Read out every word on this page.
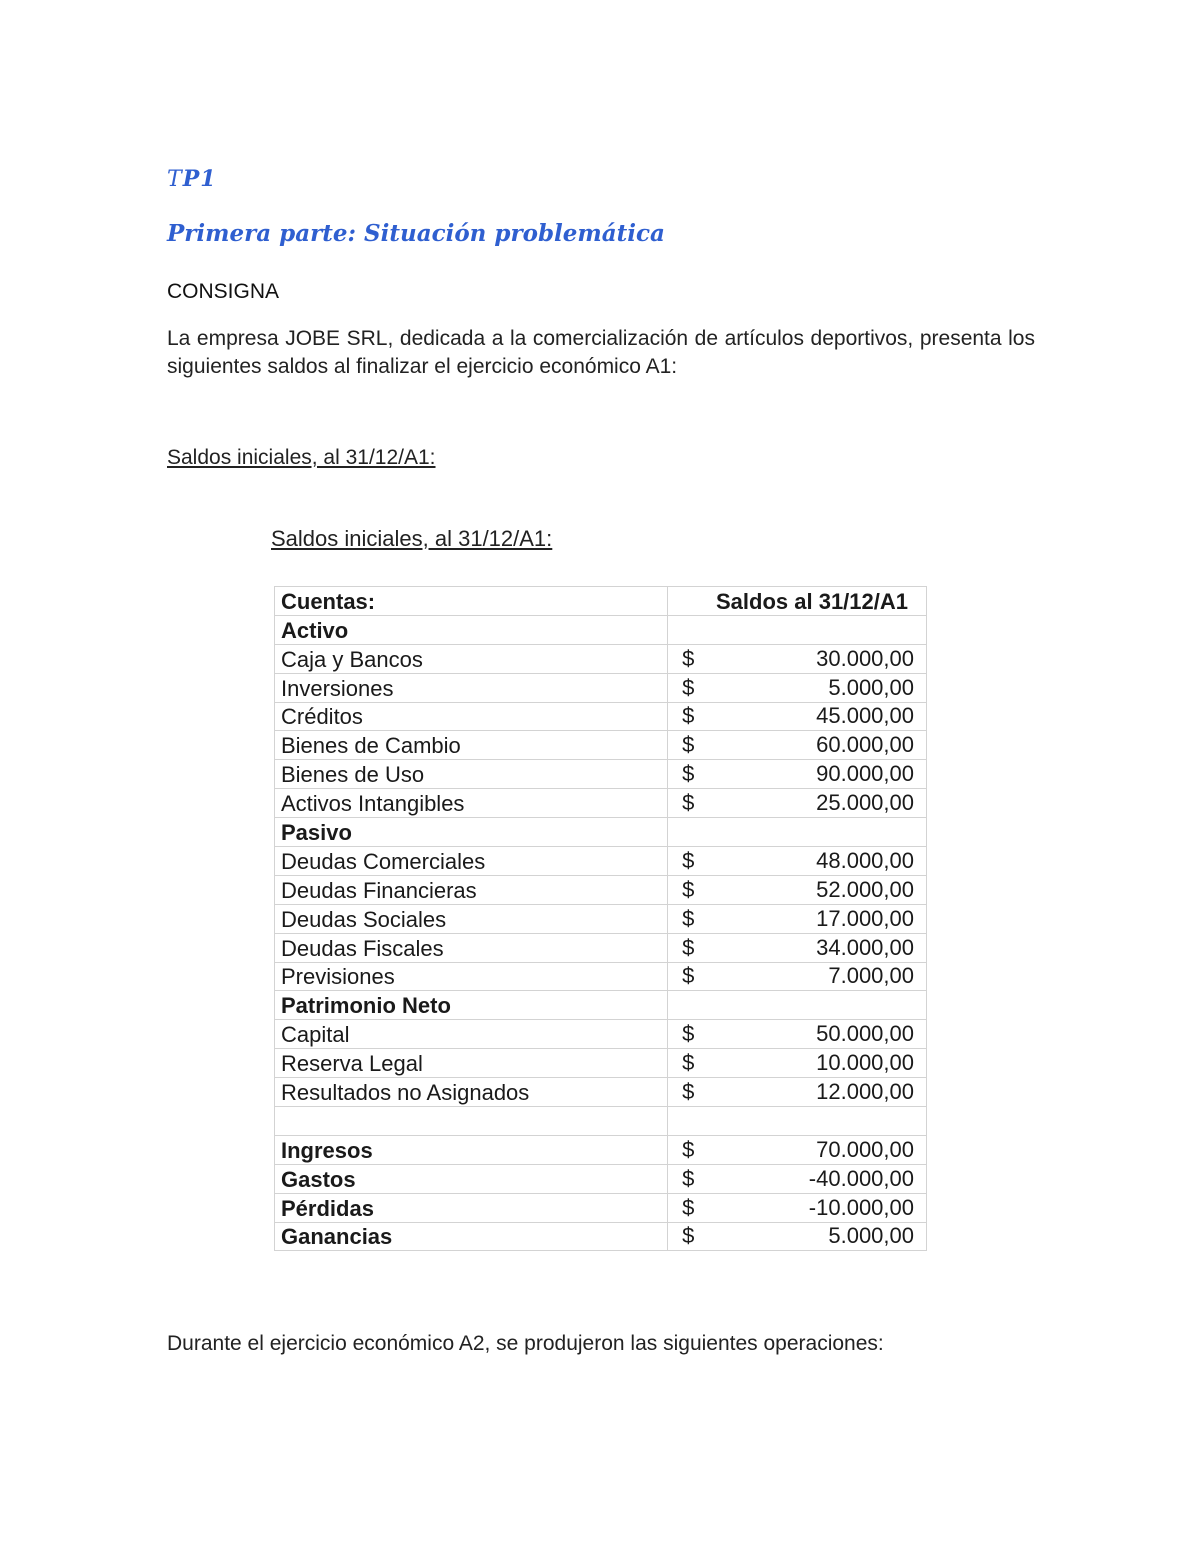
TP1
Primera parte: Situación problemática
CONSIGNA
La empresa JOBE SRL, dedicada a la comercialización de artículos deportivos, presenta los siguientes saldos al finalizar el ejercicio económico A1:
Saldos iniciales, al 31/12/A1:
Saldos iniciales, al 31/12/A1:
Cuentas:	Saldos al 31/12/A1
Activo	
Caja y Bancos	$ 30.000,00

Inversiones	$ 5.000,00

Créditos	$ 45.000,00

Bienes de Cambio	$ 60.000,00

Bienes de Uso	$ 90.000,00

Activos Intangibles	$ 25.000,00

Pasivo	
Deudas Comerciales	$ 48.000,00

Deudas Financieras	$ 52.000,00

Deudas Sociales	$ 17.000,00

Deudas Fiscales	$ 34.000,00

Previsiones	$ 7.000,00

Patrimonio Neto	
Capital	$ 50.000,00

Reserva Legal	$ 10.000,00

Resultados no Asignados	$ 12.000,00

Ingresos	$ 70.000,00

Gastos	$ -40.000,00

Pérdidas	$ -10.000,00

Ganancias	$ 5.000,00
Durante el ejercicio económico A2, se produjeron las siguientes operaciones:
